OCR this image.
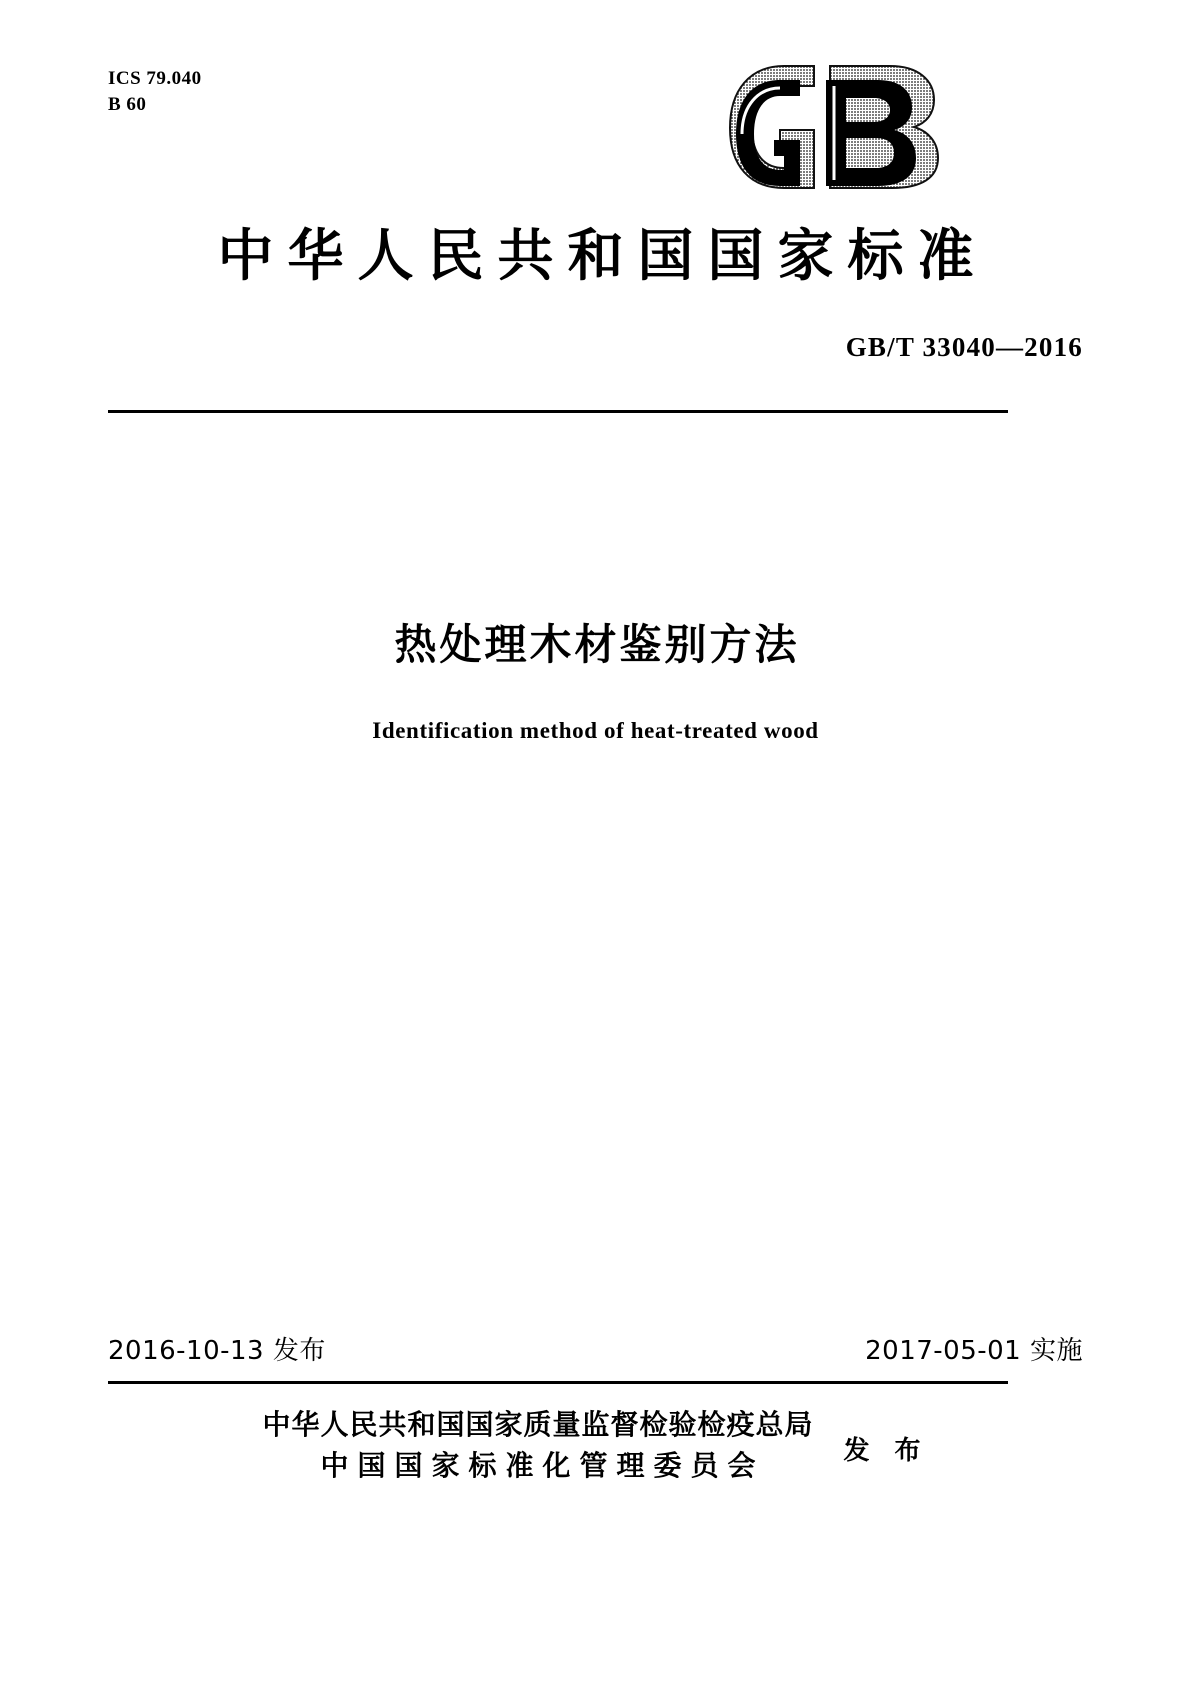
ICS 79.040
B 60
中华人民共和国国家标准
GB/T 33040—2016
热处理木材鉴别方法
Identification method of heat-treated wood
2016-10-13 发布	2017-05-01 实施
中华人民共和国国家质量监督检验检疫总局
中国国家标准化管理委员会	发 布
